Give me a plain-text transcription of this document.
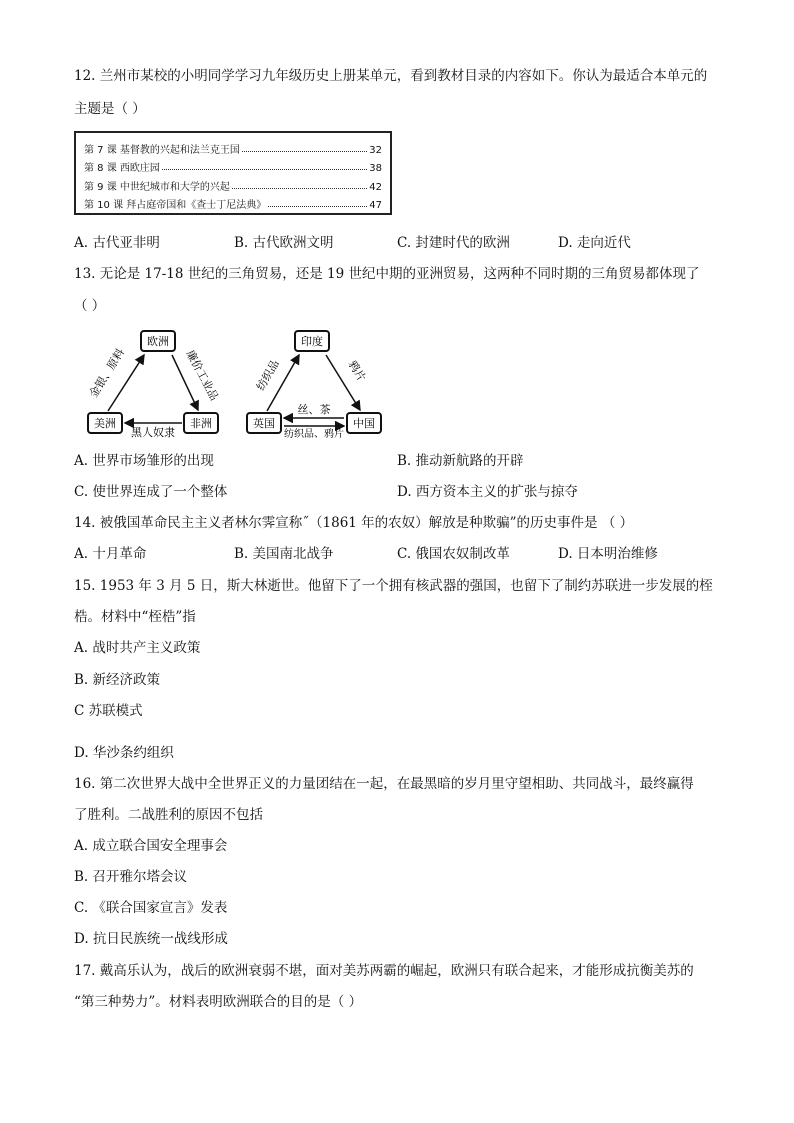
12. 兰州市某校的小明同学学习九年级历史上册某单元，看到教材目录的内容如下。你认为最适合本单元的
主题是（ ）
第 7 课 基督教的兴起和法兰克王国	32
第 8 课 西欧庄园	38
第 9 课 中世纪城市和大学的兴起	42
第 10 课 拜占庭帝国和《查士丁尼法典》	47
A. 古代亚非明	B. 古代欧洲文明	C. 封建时代的欧洲	D. 走向近代
13. 无论是 17-18 世纪的三角贸易，还是 19 世纪中期的亚洲贸易，这两种不同时期的三角贸易都体现了
（ ）
欧洲
美洲	非洲
金银、原料	廉价工业品
黑人奴隶
印度
英国	中国
纺织品	鸦片
丝、茶
纺织品、鸦片
A. 世界市场雏形的出现	B. 推动新航路的开辟
C. 使世界连成了一个整体	D. 西方资本主义的扩张与掠夺
14. 被俄国革命民主主义者林尔霁宣称˝（1861 年的农奴）解放是种欺骗”的历史事件是 （ ）
A. 十月革命	B. 美国南北战争	C. 俄国农奴制改革	D. 日本明治维修
15. 1953 年 3 月 5 日，斯大林逝世。他留下了一个拥有核武器的强国，也留下了制约苏联进一步发展的桎
梏。材料中“桎梏”指
A. 战时共产主义政策
B. 新经济政策
C 苏联模式
D. 华沙条约组织
16. 第二次世界大战中全世界正义的力量团结在一起，在最黑暗的岁月里守望相助、共同战斗，最终赢得
了胜利。二战胜利的原因不包括
A. 成立联合国安全理事会
B. 召开雅尔塔会议
C. 《联合国家宣言》发表
D. 抗日民族统一战线形成
17. 戴高乐认为，战后的欧洲衰弱不堪，面对美苏两霸的崛起，欧洲只有联合起来，才能形成抗衡美苏的
“第三种势力”。材料表明欧洲联合的目的是（ ）
